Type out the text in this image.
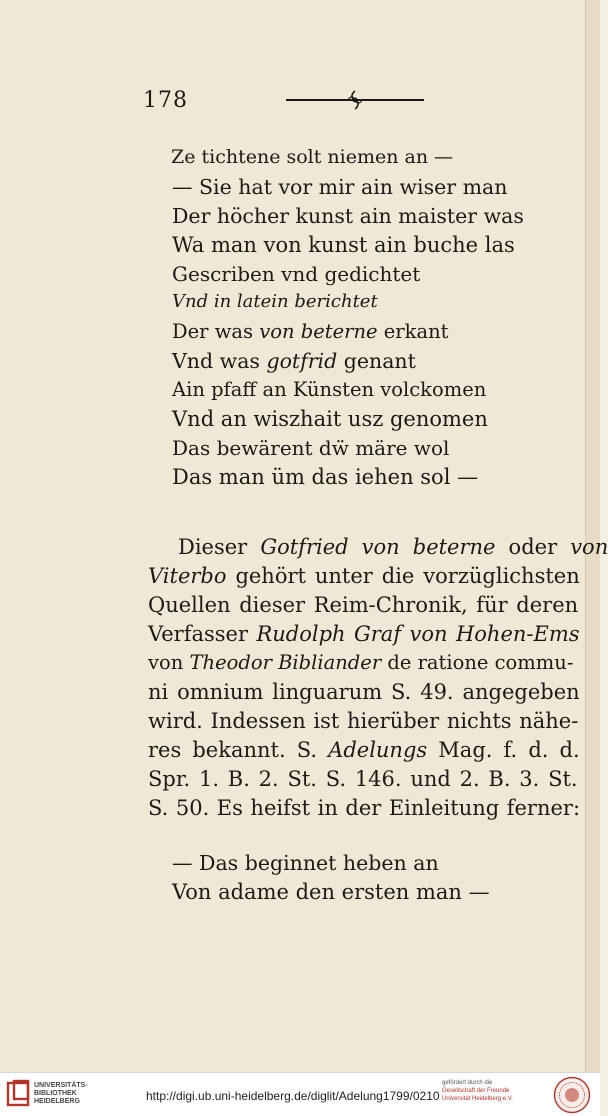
178
Ze tichtene solt niemen an —
— Sie hat vor mir ain wiser man
Der höcher kunst ain maister was
Wa man von kunst ain buche las
Gescriben vnd gedichtet
Vnd in latein berichtet
Der was von beterne erkant
Vnd was gotfrid genant
Ain pfaff an Künsten volckomen
Vnd an wiszhait usz genomen
Das bewärent dẅ märe wol
Das man üm das iehen sol —
Dieser Gotfried von beterne oder von
Viterbo gehört unter die vorzüglichsten
Quellen dieser Reim-Chronik, für deren
Verfasser Rudolph Graf von Hohen-Ems
von Theodor Bibliander de ratione commu-
ni omnium linguarum S. 49. angegeben
wird. Indessen ist hierüber nichts nähe-
res bekannt. S. Adelungs Mag. f. d. d.
Spr. 1. B. 2. St. S. 146. und 2. B. 3. St.
S. 50. Es heifst in der Einleitung ferner:
— Das beginnet heben an
Von adame den ersten man —
UNIVERSITÄTS-
BIBLIOTHEK
HEIDELBERG	http://digi.ub.uni-heidelberg.de/diglit/Adelung1799/0210
gefördert durch die
Gesellschaft der Freunde
Universität Heidelberg e.V.
